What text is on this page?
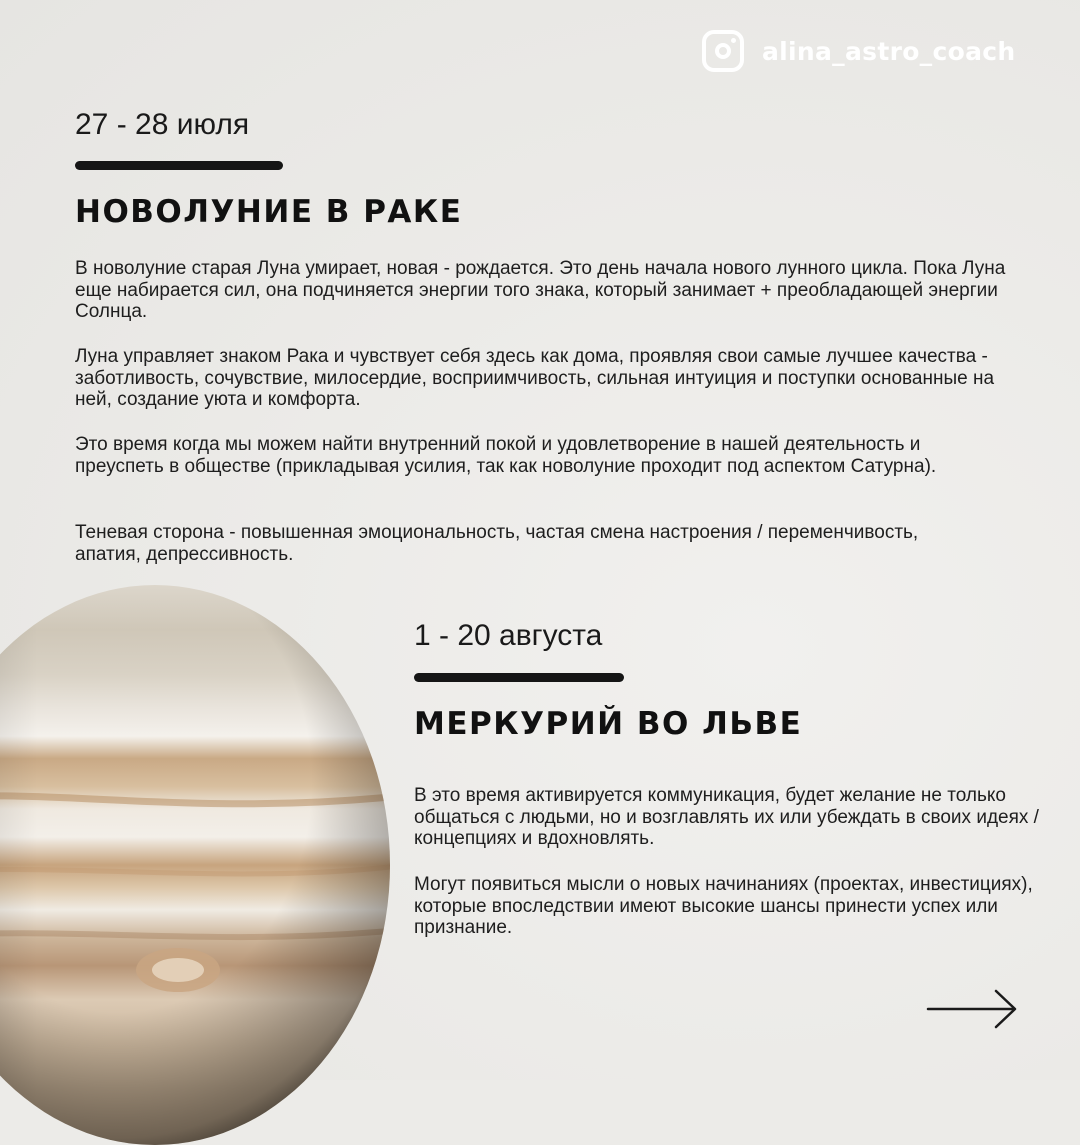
alina_astro_coach
27 - 28 июля
НОВОЛУНИЕ В РАКЕ

В новолуние старая Луна умирает, новая - рождается. Это день начала нового лунного цикла. Пока Луна еще набирается сил, она подчиняется энергии того знака, который занимает + преобладающей энергии Солнца.

Луна управляет знаком Рака и чувствует себя здесь как дома, проявляя свои самые лучшее качества - заботливость, сочувствие, милосердие, восприимчивость, сильная интуиция и поступки основанные на ней, создание уюта и комфорта.

Это время когда мы можем найти внутренний покой и удовлетворение в нашей деятельность и преуспеть в обществе (прикладывая усилия, так как новолуние проходит под аспектом Сатурна).

Теневая сторона - повышенная эмоциональность, частая смена настроения / переменчивость, апатия, депрессивность.

1 - 20 августа
МЕРКУРИЙ ВО ЛЬВЕ

В это время активируется коммуникация, будет желание не только общаться с людьми, но и возглавлять их или убеждать в своих идеях / концепциях и вдохновлять.

Могут появиться мысли о новых начинаниях (проектах, инвестициях), которые впоследствии имеют высокие шансы принести успех или признание.
